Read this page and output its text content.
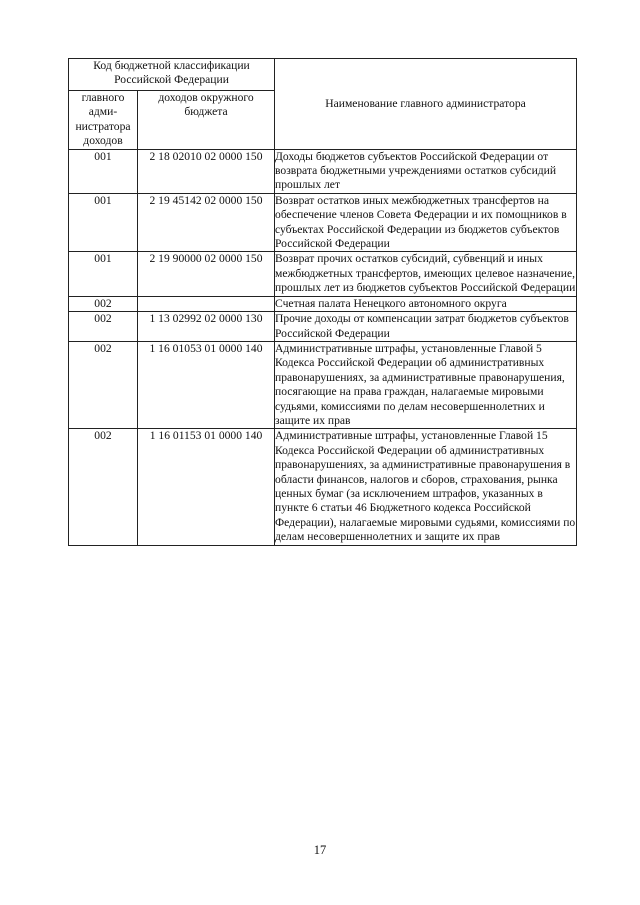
Код бюджетной классификации Российской Федерации		Наименование главного администратора
главного адми-нистратора доходов	доходов окружного бюджета	
001	2 18 02010 02 0000 150	Доходы бюджетов субъектов Российской Федерации от возврата бюджетными учреждениями остатков субсидий прошлых лет
001	2 19 45142 02 0000 150	Возврат остатков иных межбюджетных трансфертов на обеспечение членов Совета Федерации и их помощников в субъектах Российской Федерации из бюджетов субъектов Российской Федерации
001	2 19 90000 02 0000 150	Возврат прочих остатков субсидий, субвенций и иных межбюджетных трансфертов, имеющих целевое назначение, прошлых лет из бюджетов субъектов Российской Федерации
002		Счетная палата Ненецкого автономного округа
002	1 13 02992 02 0000 130	Прочие доходы от компенсации затрат бюджетов субъектов Российской Федерации
002	1 16 01053 01 0000 140	Административные штрафы, установленные Главой 5 Кодекса Российской Федерации об административных правонарушениях, за административные правонарушения, посягающие на права граждан, налагаемые мировыми судьями, комиссиями по делам несовершеннолетних и защите их прав
002	1 16 01153 01 0000 140	Административные штрафы, установленные Главой 15 Кодекса Российской Федерации об административных правонарушениях, за административные правонарушения в области финансов, налогов и сборов, страхования, рынка ценных бумаг (за исключением штрафов, указанных в пункте 6 статьи 46 Бюджетного кодекса Российской Федерации), налагаемые мировыми судьями, комиссиями по делам несовершеннолетних и защите их прав
17
